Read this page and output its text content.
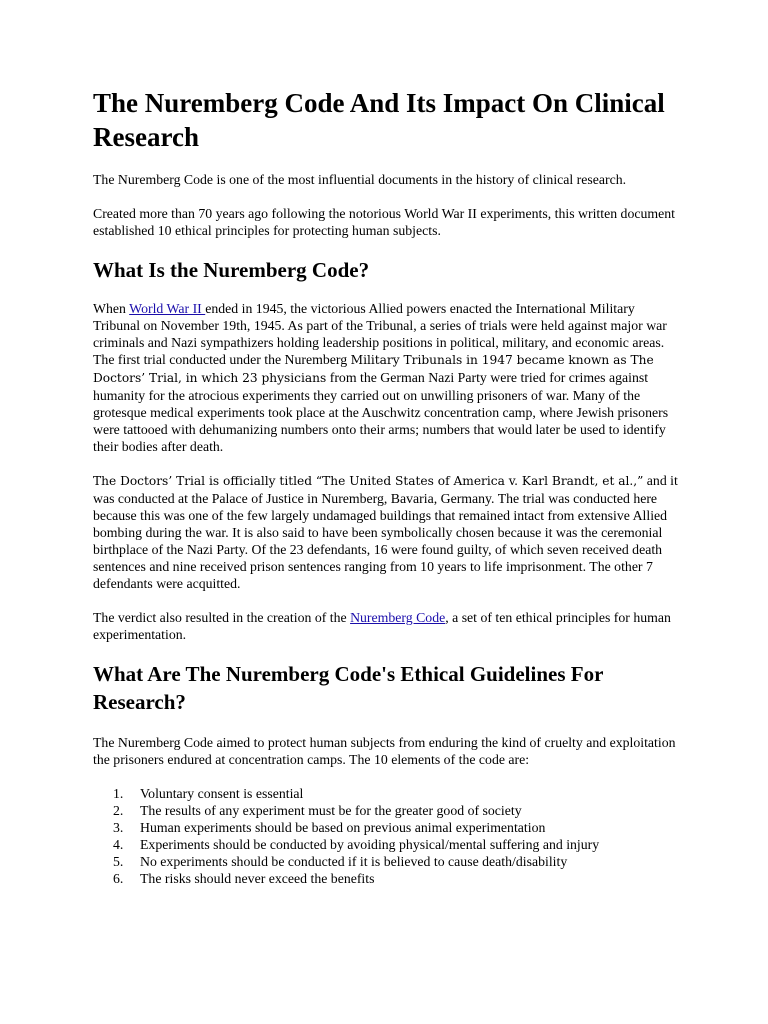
The Nuremberg Code And Its Impact On Clinical Research

The Nuremberg Code is one of the most influential documents in the history of clinical research.

Created more than 70 years ago following the notorious World War II experiments, this written document established 10 ethical principles for protecting human subjects.

What Is the Nuremberg Code?

When World War II ended in 1945, the victorious Allied powers enacted the International Military Tribunal on November 19th, 1945. As part of the Tribunal, a series of trials were held against major war criminals and Nazi sympathizers holding leadership positions in political, military, and economic areas. The first trial conducted under the Nuremberg Military Tribunals in 1947 became known as The Doctors’ Trial, in which 23 physicians from the German Nazi Party were tried for crimes against humanity for the atrocious experiments they carried out on unwilling prisoners of war. Many of the grotesque medical experiments took place at the Auschwitz concentration camp, where Jewish prisoners were tattooed with dehumanizing numbers onto their arms; numbers that would later be used to identify their bodies after death.

The Doctors’ Trial is officially titled “The United States of America v. Karl Brandt, et al.,” and it was conducted at the Palace of Justice in Nuremberg, Bavaria, Germany. The trial was conducted here because this was one of the few largely undamaged buildings that remained intact from extensive Allied bombing during the war. It is also said to have been symbolically chosen because it was the ceremonial birthplace of the Nazi Party. Of the 23 defendants, 16 were found guilty, of which seven received death sentences and nine received prison sentences ranging from 10 years to life imprisonment. The other 7 defendants were acquitted.

The verdict also resulted in the creation of the Nuremberg Code, a set of ten ethical principles for human experimentation.

What Are The Nuremberg Code's Ethical Guidelines For Research?

The Nuremberg Code aimed to protect human subjects from enduring the kind of cruelty and exploitation the prisoners endured at concentration camps. The 10 elements of the code are:

1.	Voluntary consent is essential
2.	The results of any experiment must be for the greater good of society
3.	Human experiments should be based on previous animal experimentation
4.	Experiments should be conducted by avoiding physical/mental suffering and injury
5.	No experiments should be conducted if it is believed to cause death/disability
6.	The risks should never exceed the benefits
